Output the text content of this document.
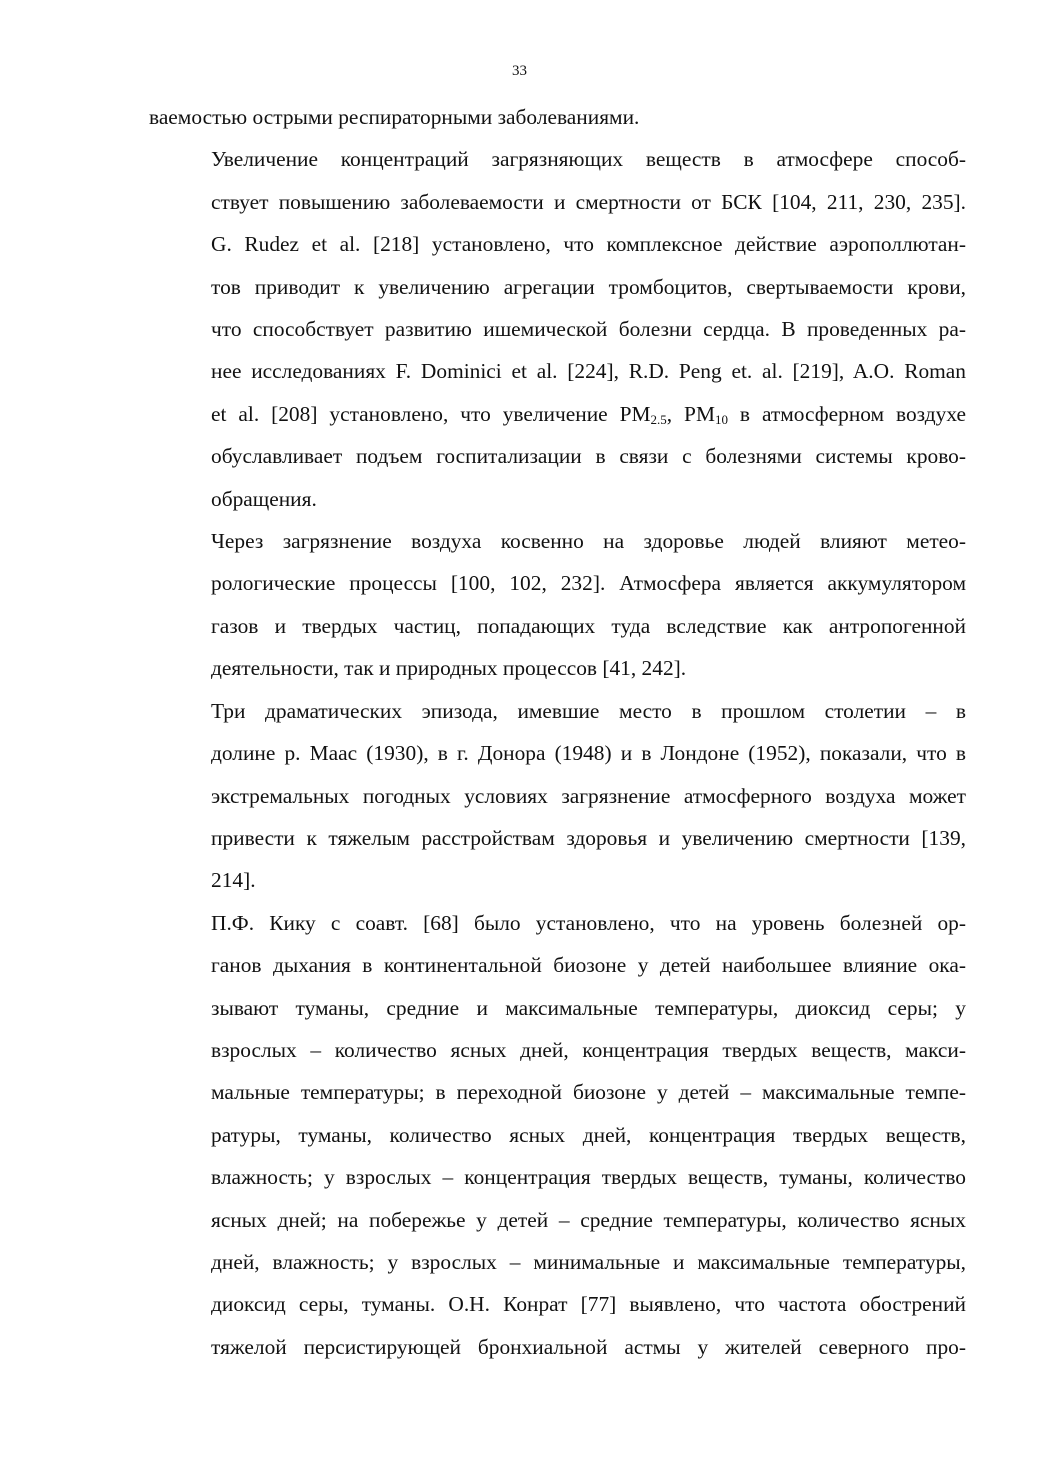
33

ваемостью острыми респираторными заболеваниями.

Увеличение концентраций загрязняющих веществ в атмосфере способ-
ствует повышению заболеваемости и смертности от БСК [104, 211, 230, 235].
G. Rudez et al. [218] установлено, что комплексное действие аэрополлютан-
тов приводит к увеличению агрегации тромбоцитов, свертываемости крови,
что способствует развитию ишемической болезни сердца. В проведенных ра-
нее исследованиях F. Dominici et al. [224], R.D. Peng et. al. [219], A.O. Roman
et al. [208] установлено, что увеличение $PM_{2.5}$, $PM_{10}$ в атмосферном воздухе
обуславливает подъем госпитализации в связи с болезнями системы крово-
обращения.

Через загрязнение воздуха косвенно на здоровье людей влияют метео-
рологические процессы [100, 102, 232]. Атмосфера является аккумулятором
газов и твердых частиц, попадающих туда вследствие как антропогенной
деятельности, так и природных процессов [41, 242].

Три драматических эпизода, имевшие место в прошлом столетии – в
долине р. Маас (1930), в г. Донора (1948) и в Лондоне (1952), показали, что в
экстремальных погодных условиях загрязнение атмосферного воздуха может
привести к тяжелым расстройствам здоровья и увеличению смертности [139,
214].

П.Ф. Кику с соавт. [68] было установлено, что на уровень болезней ор-
ганов дыхания в континентальной биозоне у детей наибольшее влияние ока-
зывают туманы, средние и максимальные температуры, диоксид серы; у
взрослых – количество ясных дней, концентрация твердых веществ, макси-
мальные температуры; в переходной биозоне у детей – максимальные темпе-
ратуры, туманы, количество ясных дней, концентрация твердых веществ,
влажность; у взрослых – концентрация твердых веществ, туманы, количество
ясных дней; на побережье у детей – средние температуры, количество ясных
дней, влажность; у взрослых – минимальные и максимальные температуры,
диоксид серы, туманы. О.Н. Конрат [77] выявлено, что частота обострений
тяжелой персистирующей бронхиальной астмы у жителей северного про-
